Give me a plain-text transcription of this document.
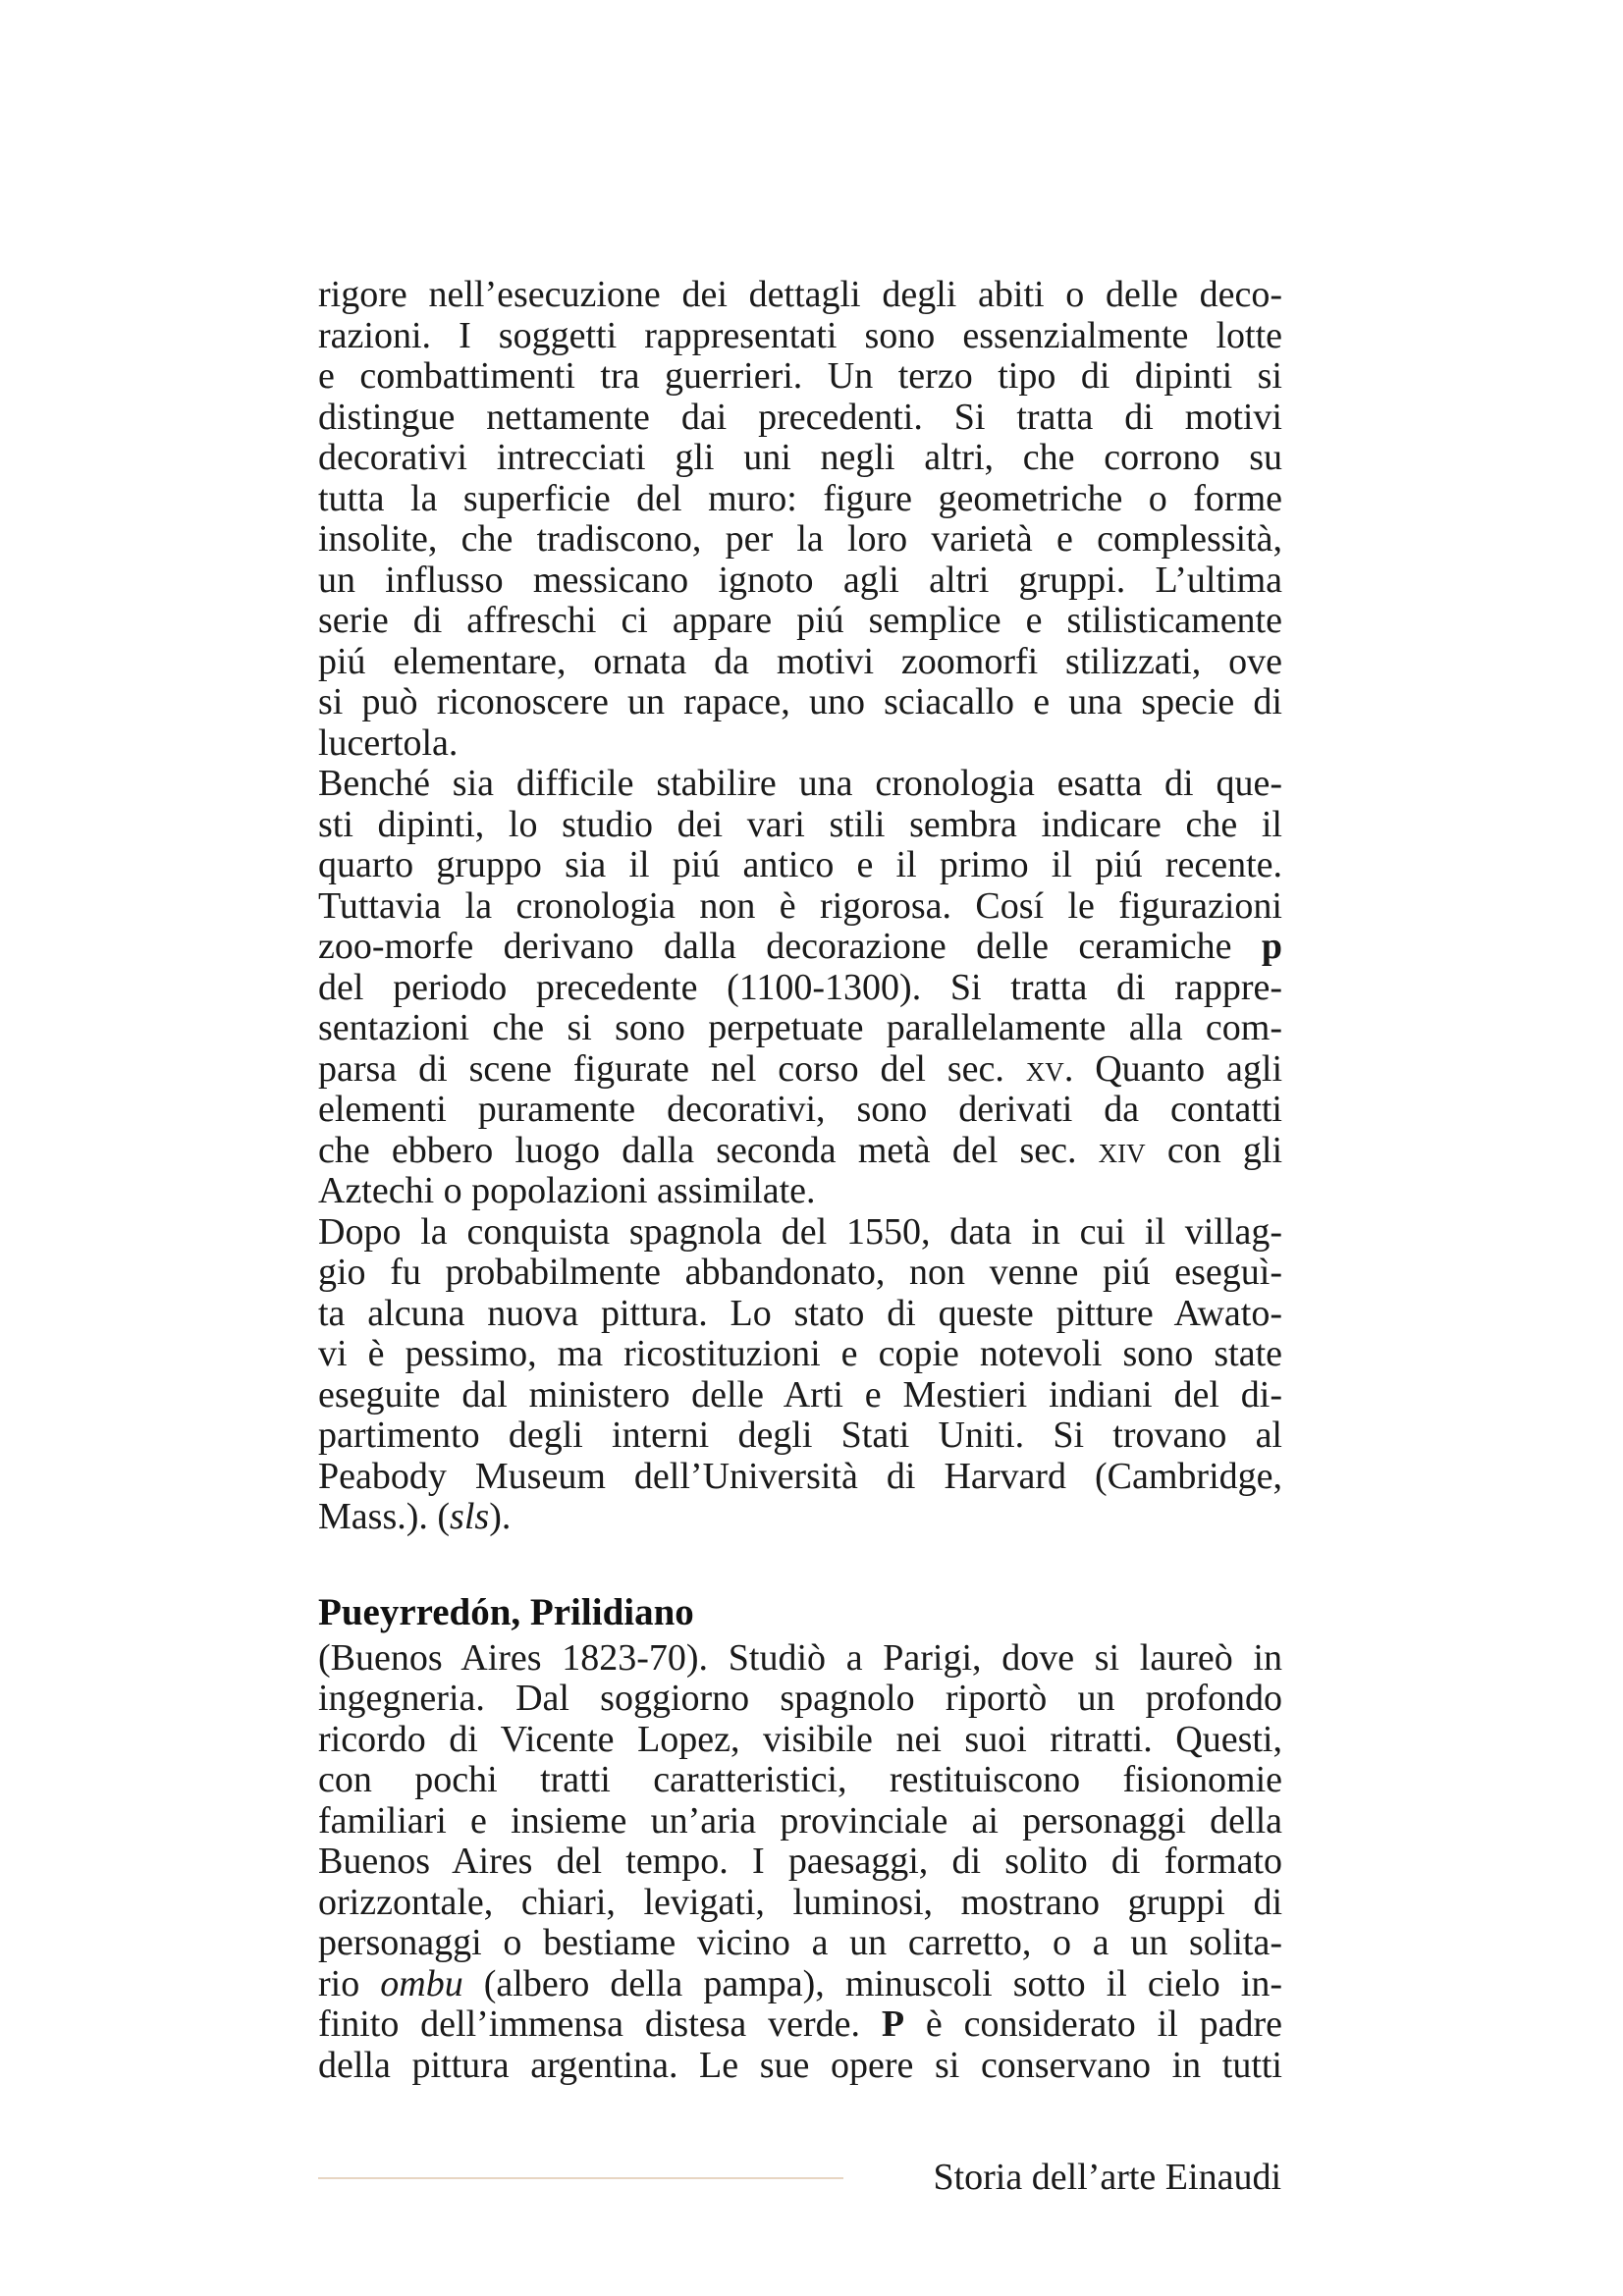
rigore nell’esecuzione dei dettagli degli abiti o delle deco-
razioni. I soggetti rappresentati sono essenzialmente lotte
e combattimenti tra guerrieri. Un terzo tipo di dipinti si
distingue nettamente dai precedenti. Si tratta di motivi
decorativi intrecciati gli uni negli altri, che corrono su
tutta la superficie del muro: figure geometriche o forme
insolite, che tradiscono, per la loro varietà e complessità,
un influsso messicano ignoto agli altri gruppi. L’ultima
serie di affreschi ci appare piú semplice e stilisticamente
piú elementare, ornata da motivi zoomorfi stilizzati, ove
si può riconoscere un rapace, uno sciacallo e una specie di
lucertola.
Benché sia difficile stabilire una cronologia esatta di que-
sti dipinti, lo studio dei vari stili sembra indicare che il
quarto gruppo sia il piú antico e il primo il piú recente.
Tuttavia la cronologia non è rigorosa. Cosí le figurazioni
zoo-morfe derivano dalla decorazione delle ceramiche p
del periodo precedente (1100-1300). Si tratta di rappre-
sentazioni che si sono perpetuate parallelamente alla com-
parsa di scene figurate nel corso del sec. xv. Quanto agli
elementi puramente decorativi, sono derivati da contatti
che ebbero luogo dalla seconda metà del sec. xiv con gli
Aztechi o popolazioni assimilate.
Dopo la conquista spagnola del 1550, data in cui il villag-
gio fu probabilmente abbandonato, non venne piú eseguì-
ta alcuna nuova pittura. Lo stato di queste pitture Awato-
vi è pessimo, ma ricostituzioni e copie notevoli sono state
eseguite dal ministero delle Arti e Mestieri indiani del di-
partimento degli interni degli Stati Uniti. Si trovano al
Peabody Museum dell’Università di Harvard (Cambridge,
Mass.). (sls).
Pueyrredón, Prilidiano
(Buenos Aires 1823-70). Studiò a Parigi, dove si laureò in
ingegneria. Dal soggiorno spagnolo riportò un profondo
ricordo di Vicente Lopez, visibile nei suoi ritratti. Questi,
con pochi tratti caratteristici, restituiscono fisionomie
familiari e insieme un’aria provinciale ai personaggi della
Buenos Aires del tempo. I paesaggi, di solito di formato
orizzontale, chiari, levigati, luminosi, mostrano gruppi di
personaggi o bestiame vicino a un carretto, o a un solita-
rio ombu (albero della pampa), minuscoli sotto il cielo in-
finito dell’immensa distesa verde. P è considerato il padre
della pittura argentina. Le sue opere si conservano in tutti
Storia dell’arte Einaudi
